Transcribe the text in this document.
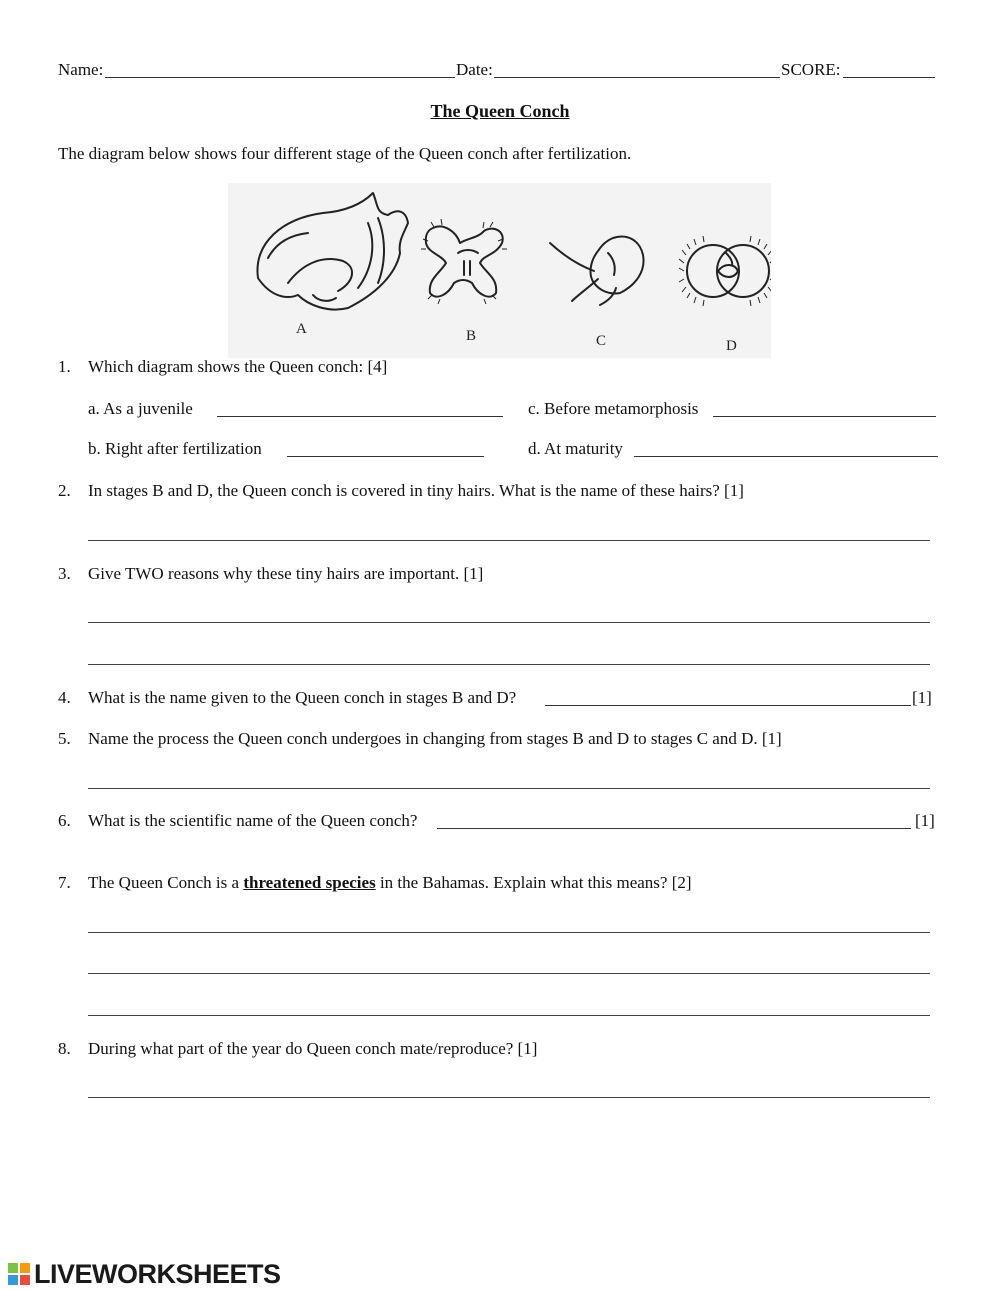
Name:	Date:	SCORE:
The Queen Conch
The diagram below shows four different stage of the Queen conch after fertilization.
A	B	C	D
1. Which diagram shows the Queen conch: [4]
a. As a juvenile	c. Before metamorphosis
b. Right after fertilization	d. At maturity
2. In stages B and D, the Queen conch is covered in tiny hairs. What is the name of these hairs? [1]
3. Give TWO reasons why these tiny hairs are important. [1]
4. What is the name given to the Queen conch in stages B and D?	[1]
5. Name the process the Queen conch undergoes in changing from stages B and D to stages C and D. [1]
6. What is the scientific name of the Queen conch?	[1]
7. The Queen Conch is a threatened species in the Bahamas. Explain what this means? [2]
8. During what part of the year do Queen conch mate/reproduce? [1]
LIVEWORKSHEETS
